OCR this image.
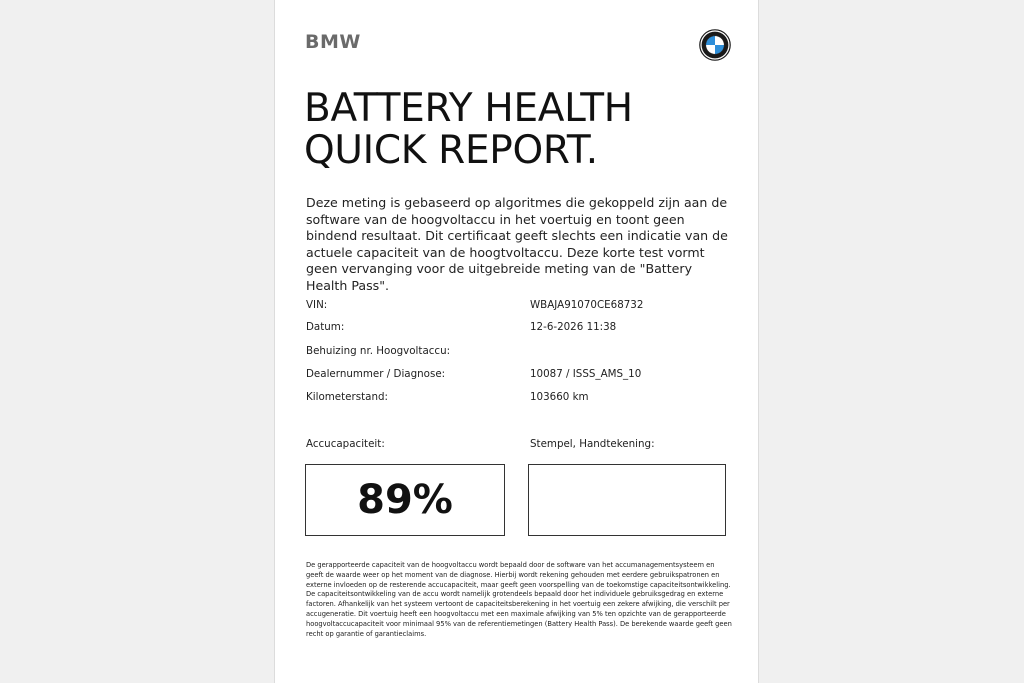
BMW
BATTERY HEALTH
QUICK REPORT.

Deze meting is gebaseerd op algoritmes die gekoppeld zijn aan de software van de hoogvoltaccu in het voertuig en toont geen bindend resultaat. Dit certificaat geeft slechts een indicatie van de actuele capaciteit van de hoogtvoltaccu. Deze korte test vormt geen vervanging voor de uitgebreide meting van de "Battery Health Pass".

VIN:	WBAJA91070CE68732
Datum:	12-6-2026 11:38
Behuizing nr. Hoogvoltaccu:
Dealernummer / Diagnose:	10087 / ISSS_AMS_10
Kilometerstand:	103660 km
Accucapaciteit:	Stempel, Handtekening:
89%

De gerapporteerde capaciteit van de hoogvoltaccu wordt bepaald door de software van het accumanagementsysteem en geeft de waarde weer op het moment van de diagnose. Hierbij wordt rekening gehouden met eerdere gebruikspatronen en externe invloeden op de resterende accucapaciteit, maar geeft geen voorspelling van de toekomstige capaciteitsontwikkeling. De capaciteitsontwikkeling van de accu wordt namelijk grotendeels bepaald door het individuele gebruiksgedrag en externe factoren. Afhankelijk van het systeem vertoont de capaciteitsberekening in het voertuig een zekere afwijking, die verschilt per accugeneratie. Dit voertuig heeft een hoogvoltaccu met een maximale afwijking van 5% ten opzichte van de gerapporteerde hoogvoltaccucapaciteit voor minimaal 95% van de referentiemetingen (Battery Health Pass). De berekende waarde geeft geen recht op garantie of garantieclaims.
